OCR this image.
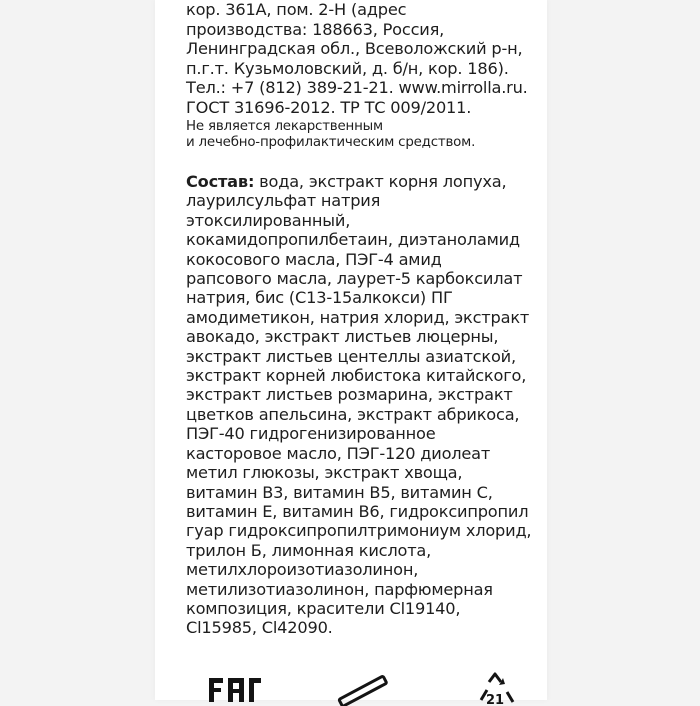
кор. 361А, пом. 2-Н (адрес
производства: 188663, Россия,
Ленинградская обл., Всеволожский р-н,
п.г.т. Кузьмоловский, д. б/н, кор. 186).
Тел.: +7 (812) 389-21-21. www.mirrolla.ru.
ГОСТ 31696-2012. ТР ТС 009/2011.
Не является лекарственным
и лечебно-профилактическим средством.
Состав: вода, экстракт корня лопуха,
лаурилсульфат натрия
этоксилированный,
кокамидопропилбетаин, диэтаноламид
кокосового масла, ПЭГ-4 амид
рапсового масла, лаурет-5 карбоксилат
натрия, бис (С13-15алкокси) ПГ
амодиметикон, натрия хлорид, экстракт
авокадо, экстракт листьев люцерны,
экстракт листьев центеллы азиатской,
экстракт корней любистока китайского,
экстракт листьев розмарина, экстракт
цветков апельсина, экстракт абрикоса,
ПЭГ-40 гидрогенизированное
касторовое масло, ПЭГ-120 диолеат
метил глюкозы, экстракт хвоща,
витамин В3, витамин В5, витамин С,
витамин Е, витамин В6, гидроксипропил
гуар гидроксипропилтримониум хлорид,
трилон Б, лимонная кислота,
метилхлороизотиазолинон,
метилизотиазолинон, парфюмерная
композиция, красители Cl19140,
Cl15985, Cl42090.
21
